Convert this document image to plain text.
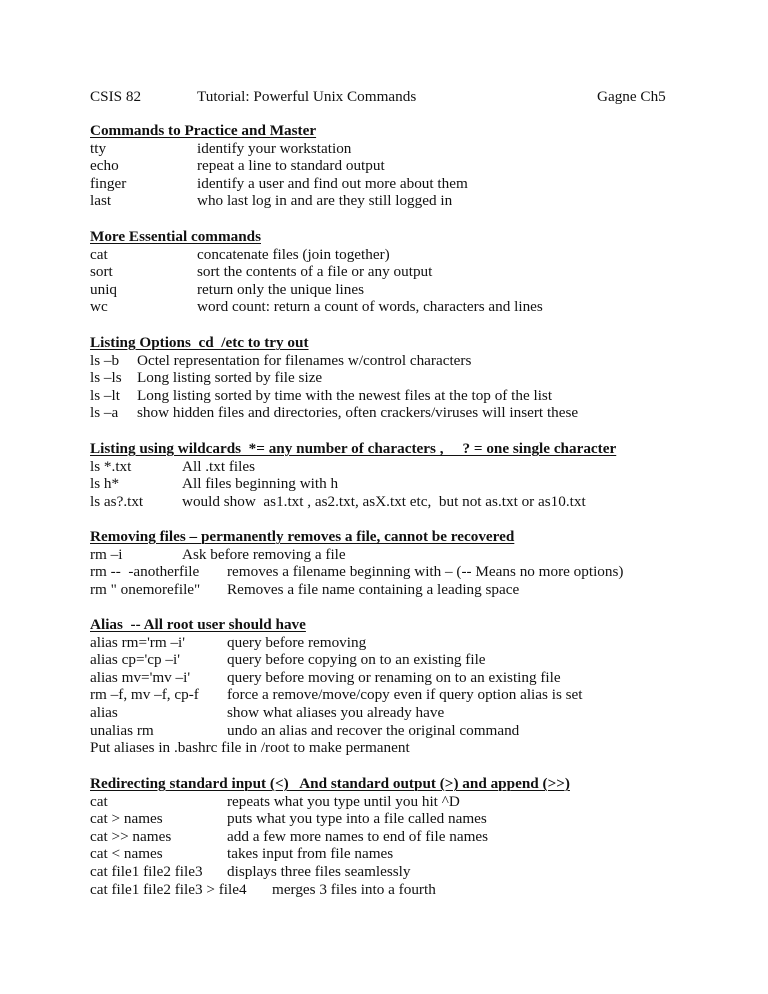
CSIS 82	Tutorial: Powerful Unix Commands	Gagne Ch5
Commands to Practice and Master
tty	identify your workstation
echo	repeat a line to standard output
finger	identify a user and find out more about them
last	who last log in and are they still logged in
More Essential commands
cat	concatenate files (join together)
sort	sort the contents of a file or any output
uniq	return only the unique lines
wc	word count: return a count of words, characters and lines
Listing Options  cd  /etc to try out
ls –b Octel representation for filenames w/control characters
ls –ls Long listing sorted by file size
ls –lt Long listing sorted by time with the newest files at the top of the list
ls –a show hidden files and directories, often crackers/viruses will insert these
Listing using wildcards  *= any number of characters ,     ? = one single character
ls *.txt	All .txt files
ls h*	All files beginning with h
ls as?.txt	would show  as1.txt , as2.txt, asX.txt etc,  but not as.txt or as10.txt
Removing files – permanently removes a file, cannot be recovered
rm –i	Ask before removing a file
rm --  -anotherfile removes a filename beginning with – (-- Means no more options)
rm " onemorefile" Removes a file name containing a leading space
Alias  -- All root user should have
alias rm='rm –i'	query before removing
alias cp='cp –i'	query before copying on to an existing file
alias mv='mv –i' query before moving or renaming on to an existing file
rm –f, mv –f, cp-f force a remove/move/copy even if query option alias is set
alias	show what aliases you already have
unalias rm	undo an alias and recover the original command
Put aliases in .bashrc file in /root to make permanent
Redirecting standard input (<)   And standard output (>) and append (>>)
cat	repeats what you type until you hit ^D
cat > names	puts what you type into a file called names
cat >> names	add a few more names to end of file names
cat < names	takes input from file names
cat file1 file2 file3 displays three files seamlessly
cat file1 file2 file3 > file4 merges 3 files into a fourth
